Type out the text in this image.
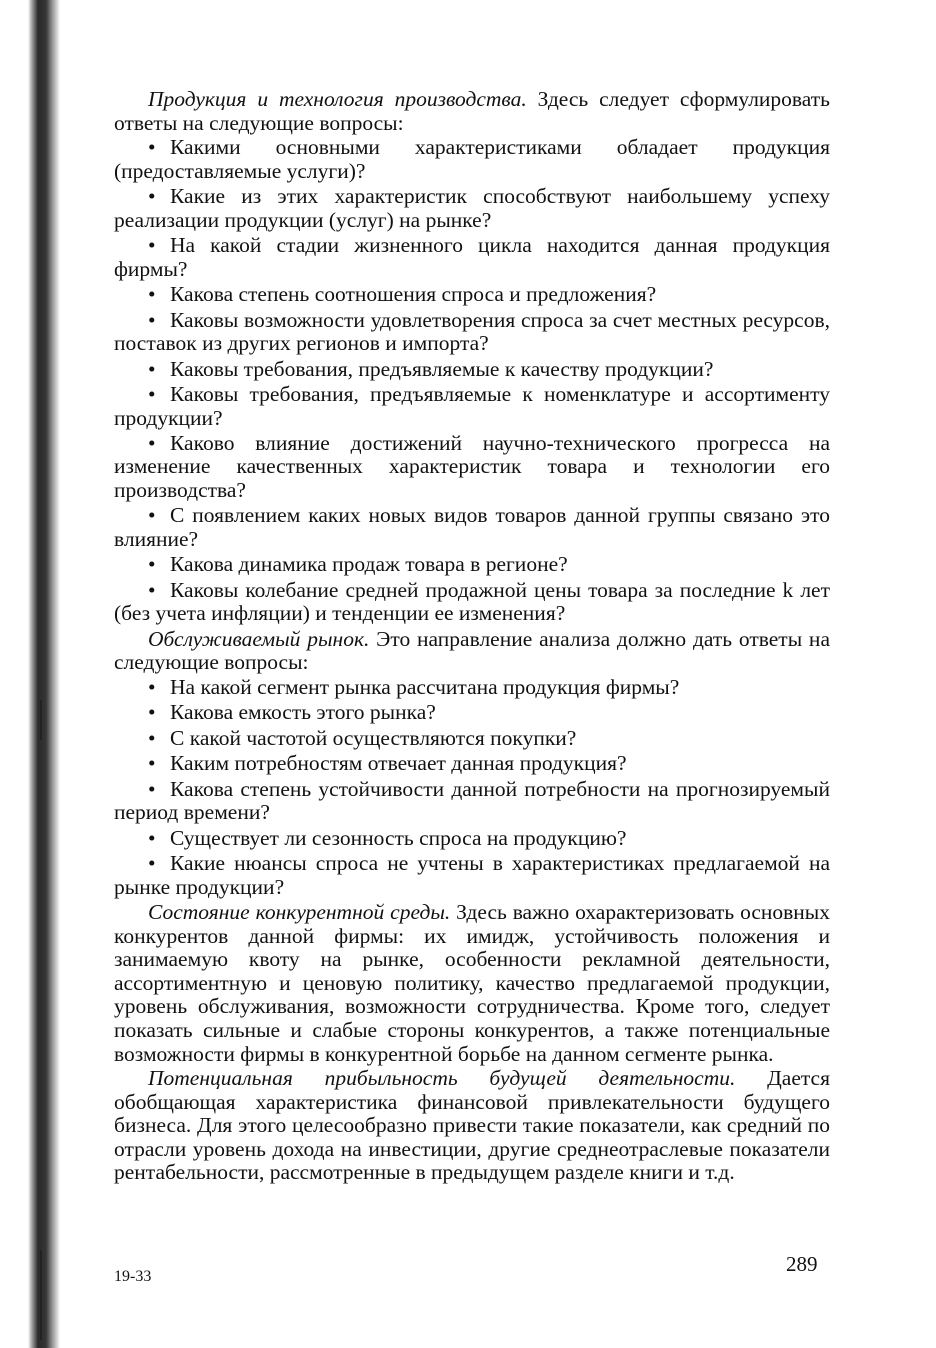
Продукция и технология производства. Здесь следует сформулировать ответы на следующие вопросы:

• Какими основными характеристиками обладает продукция (предоставляемые услуги)?

• Какие из этих характеристик способствуют наибольшему успеху реализации продукции (услуг) на рынке?

• На какой стадии жизненного цикла находится данная продукция фирмы?

• Какова степень соотношения спроса и предложения?

• Каковы возможности удовлетворения спроса за счет местных ресурсов, поставок из других регионов и импорта?

• Каковы требования, предъявляемые к качеству продукции?

• Каковы требования, предъявляемые к номенклатуре и ассортименту продукции?

• Каково влияние достижений научно-технического прогресса на изменение качественных характеристик товара и технологии его производства?

• С появлением каких новых видов товаров данной группы связано это влияние?

• Какова динамика продаж товара в регионе?

• Каковы колебание средней продажной цены товара за последние k лет (без учета инфляции) и тенденции ее изменения?

Обслуживаемый рынок. Это направление анализа должно дать ответы на следующие вопросы:

• На какой сегмент рынка рассчитана продукция фирмы?

• Какова емкость этого рынка?

• С какой частотой осуществляются покупки?

• Каким потребностям отвечает данная продукция?

• Какова степень устойчивости данной потребности на прогнозируемый период времени?

• Существует ли сезонность спроса на продукцию?

• Какие нюансы спроса не учтены в характеристиках предлагаемой на рынке продукции?

Состояние конкурентной среды. Здесь важно охарактеризовать основных конкурентов данной фирмы: их имидж, устойчивость положения и занимаемую квоту на рынке, особенности рекламной деятельности, ассортиментную и ценовую политику, качество предлагаемой продукции, уровень обслуживания, возможности сотрудничества. Кроме того, следует показать сильные и слабые стороны конкурентов, а также потенциальные возможности фирмы в конкурентной борьбе на данном сегменте рынка.

Потенциальная прибыльность будущей деятельности. Дается обобщающая характеристика финансовой привлекательности будущего бизнеса. Для этого целесообразно привести такие показатели, как средний по отрасли уровень дохода на инвестиции, другие среднеотраслевые показатели рентабельности, рассмотренные в предыдущем разделе книги и т.д.

289
19-33
